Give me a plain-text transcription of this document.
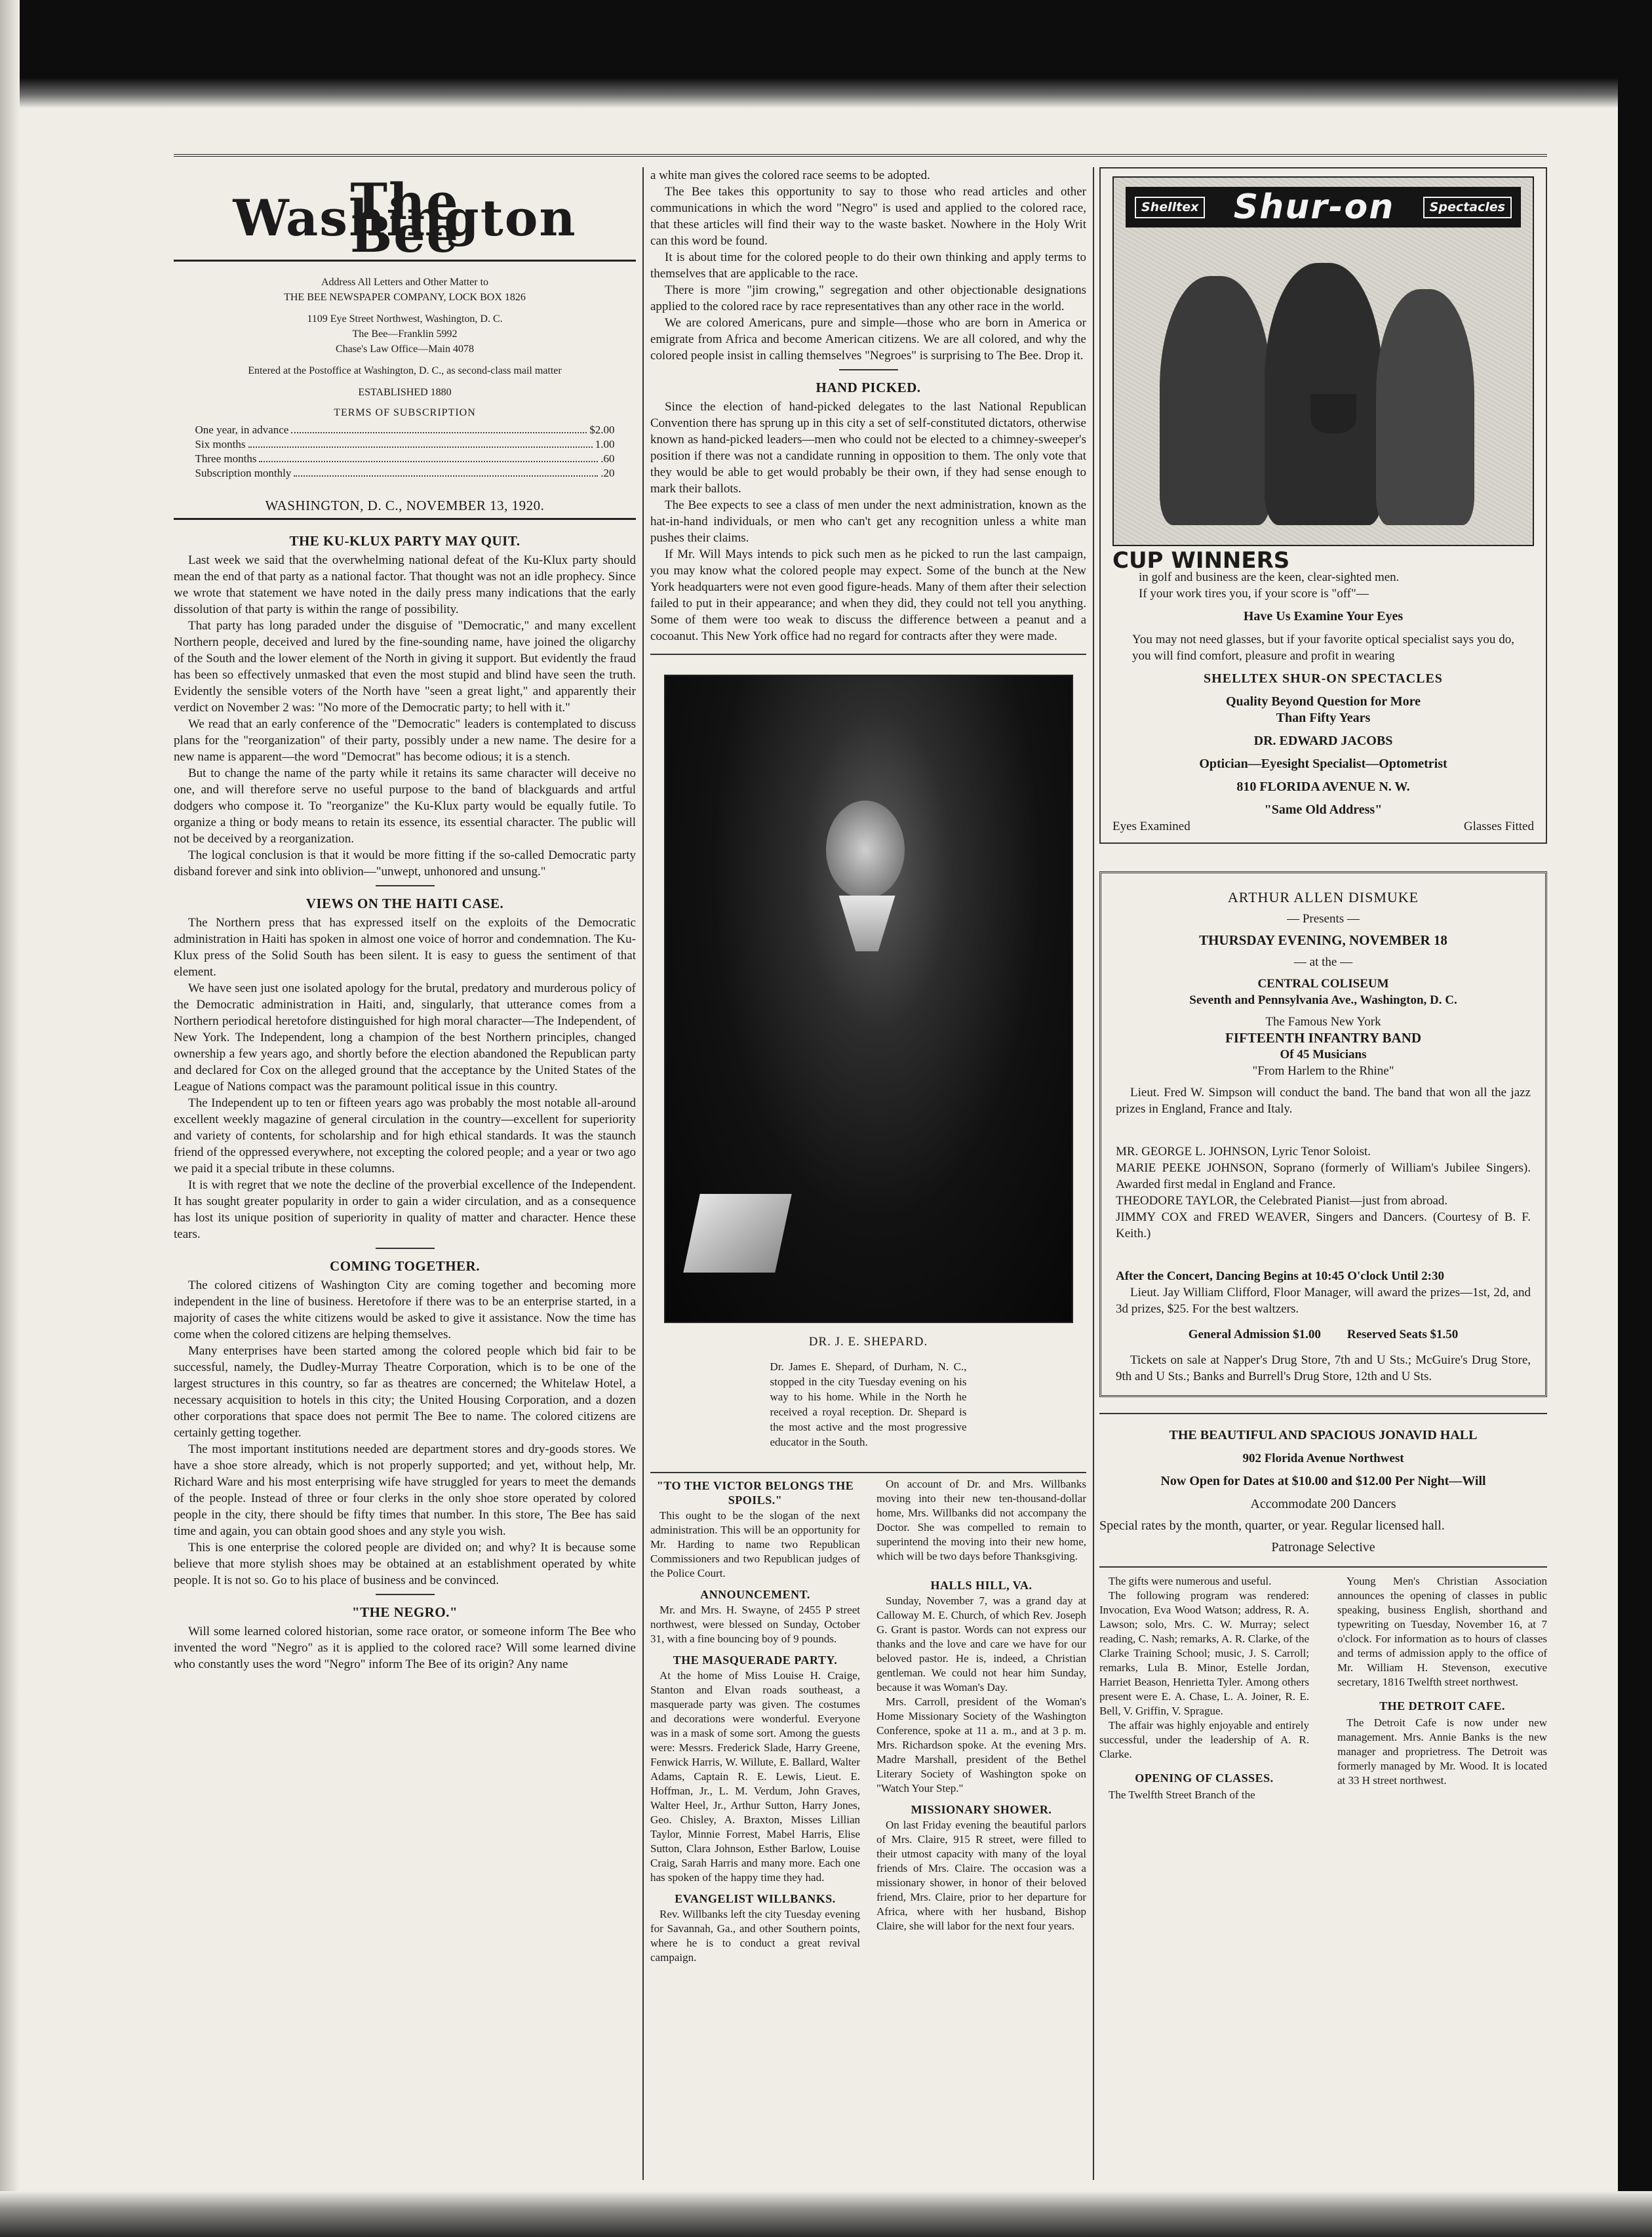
The Washington Bee

Address All Letters and Other Matter to

THE BEE NEWSPAPER COMPANY, LOCK BOX 1826

1109 Eye Street Northwest, Washington, D. C.

The Bee—Franklin 5992

Chase's Law Office—Main 4078

Entered at the Postoffice at Washington, D. C., as second-class mail matter

ESTABLISHED 1880

TERMS OF SUBSCRIPTION

One year, in advance	$2.00
Six months	1.00
Three months	.60
Subscription monthly	.20
WASHINGTON, D. C., NOVEMBER 13, 1920.
THE KU-KLUX PARTY MAY QUIT.

Last week we said that the overwhelming national defeat of the Ku-Klux party should mean the end of that party as a national factor. That thought was not an idle prophecy. Since we wrote that statement we have noted in the daily press many indications that the early dissolution of that party is within the range of possibility.

That party has long paraded under the disguise of "Democratic," and many excellent Northern people, deceived and lured by the fine-sounding name, have joined the oligarchy of the South and the lower element of the North in giving it support. But evidently the fraud has been so effectively unmasked that even the most stupid and blind have seen the truth. Evidently the sensible voters of the North have "seen a great light," and apparently their verdict on November 2 was: "No more of the Democratic party; to hell with it."

We read that an early conference of the "Democratic" leaders is contemplated to discuss plans for the "reorganization" of their party, possibly under a new name. The desire for a new name is apparent—the word "Democrat" has become odious; it is a stench.

But to change the name of the party while it retains its same character will deceive no one, and will therefore serve no useful purpose to the band of blackguards and artful dodgers who compose it. To "reorganize" the Ku-Klux party would be equally futile. To organize a thing or body means to retain its essence, its essential character. The public will not be deceived by a reorganization.

The logical conclusion is that it would be more fitting if the so-called Democratic party disband forever and sink into oblivion—"unwept, unhonored and unsung."

VIEWS ON THE HAITI CASE.

The Northern press that has expressed itself on the exploits of the Democratic administration in Haiti has spoken in almost one voice of horror and condemnation. The Ku-Klux press of the Solid South has been silent. It is easy to guess the sentiment of that element.

We have seen just one isolated apology for the brutal, predatory and murderous policy of the Democratic administration in Haiti, and, singularly, that utterance comes from a Northern periodical heretofore distinguished for high moral character—The Independent, of New York. The Independent, long a champion of the best Northern principles, changed ownership a few years ago, and shortly before the election abandoned the Republican party and declared for Cox on the alleged ground that the acceptance by the United States of the League of Nations compact was the paramount political issue in this country.

The Independent up to ten or fifteen years ago was probably the most notable all-around excellent weekly magazine of general circulation in the country—excellent for superiority and variety of contents, for scholarship and for high ethical standards. It was the staunch friend of the oppressed everywhere, not excepting the colored people; and a year or two ago we paid it a special tribute in these columns.

It is with regret that we note the decline of the proverbial excellence of the Independent. It has sought greater popularity in order to gain a wider circulation, and as a consequence has lost its unique position of superiority in quality of matter and character. Hence these tears.

COMING TOGETHER.

The colored citizens of Washington City are coming together and becoming more independent in the line of business. Heretofore if there was to be an enterprise started, in a majority of cases the white citizens would be asked to give it assistance. Now the time has come when the colored citizens are helping themselves.

Many enterprises have been started among the colored people which bid fair to be successful, namely, the Dudley-Murray Theatre Corporation, which is to be one of the largest structures in this country, so far as theatres are concerned; the Whitelaw Hotel, a necessary acquisition to hotels in this city; the United Housing Corporation, and a dozen other corporations that space does not permit The Bee to name. The colored citizens are certainly getting together.

The most important institutions needed are department stores and dry-goods stores. We have a shoe store already, which is not properly supported; and yet, without help, Mr. Richard Ware and his most enterprising wife have struggled for years to meet the demands of the people. Instead of three or four clerks in the only shoe store operated by colored people in the city, there should be fifty times that number. In this store, The Bee has said time and again, you can obtain good shoes and any style you wish.

This is one enterprise the colored people are divided on; and why? It is because some believe that more stylish shoes may be obtained at an establishment operated by white people. It is not so. Go to his place of business and be convinced.

"THE NEGRO."

Will some learned colored historian, some race orator, or someone inform The Bee who invented the word "Negro" as it is applied to the colored race? Will some learned divine who constantly uses the word "Negro" inform The Bee of its origin? Any name

a white man gives the colored race seems to be adopted.

The Bee takes this opportunity to say to those who read articles and other communications in which the word "Negro" is used and applied to the colored race, that these articles will find their way to the waste basket. Nowhere in the Holy Writ can this word be found.

It is about time for the colored people to do their own thinking and apply terms to themselves that are applicable to the race.

There is more "jim crowing," segregation and other objectionable designations applied to the colored race by race representatives than any other race in the world.

We are colored Americans, pure and simple—those who are born in America or emigrate from Africa and become American citizens. We are all colored, and why the colored people insist in calling themselves "Negroes" is surprising to The Bee. Drop it.

HAND PICKED.

Since the election of hand-picked delegates to the last National Republican Convention there has sprung up in this city a set of self-constituted dictators, otherwise known as hand-picked leaders—men who could not be elected to a chimney-sweeper's position if there was not a candidate running in opposition to them. The only vote that they would be able to get would probably be their own, if they had sense enough to mark their ballots.

The Bee expects to see a class of men under the next administration, known as the hat-in-hand individuals, or men who can't get any recognition unless a white man pushes their claims.

If Mr. Will Mays intends to pick such men as he picked to run the last campaign, you may know what the colored people may expect. Some of the bunch at the New York headquarters were not even good figure-heads. Many of them after their selection failed to put in their appearance; and when they did, they could not tell you anything. Some of them were too weak to discuss the difference between a peanut and a cocoanut. This New York office had no regard for contracts after they were made.

DR. J. E. SHEPARD.
Dr. James E. Shepard, of Durham, N. C., stopped in the city Tuesday evening on his way to his home. While in the North he received a royal reception. Dr. Shepard is the most active and the most progressive educator in the South.
"TO THE VICTOR BELONGS THE SPOILS."

This ought to be the slogan of the next administration. This will be an opportunity for Mr. Harding to name two Republican Commissioners and two Republican judges of the Police Court.

ANNOUNCEMENT.

Mr. and Mrs. H. Swayne, of 2455 P street northwest, were blessed on Sunday, October 31, with a fine bouncing boy of 9 pounds.

THE MASQUERADE PARTY.

At the home of Miss Louise H. Craige, Stanton and Elvan roads southeast, a masquerade party was given. The costumes and decorations were wonderful. Everyone was in a mask of some sort. Among the guests were: Messrs. Frederick Slade, Harry Greene, Fenwick Harris, W. Willute, E. Ballard, Walter Adams, Captain R. E. Lewis, Lieut. E. Hoffman, Jr., L. M. Verdum, John Graves, Walter Heel, Jr., Arthur Sutton, Harry Jones, Geo. Chisley, A. Braxton, Misses Lillian Taylor, Minnie Forrest, Mabel Harris, Elise Sutton, Clara Johnson, Esther Barlow, Louise Craig, Sarah Harris and many more. Each one has spoken of the happy time they had.

EVANGELIST WILLBANKS.

Rev. Willbanks left the city Tuesday evening for Savannah, Ga., and other Southern points, where he is to conduct a great revival campaign.

On account of Dr. and Mrs. Willbanks moving into their new ten-thousand-dollar home, Mrs. Willbanks did not accompany the Doctor. She was compelled to remain to superintend the moving into their new home, which will be two days before Thanksgiving.

HALLS HILL, VA.

Sunday, November 7, was a grand day at Calloway M. E. Church, of which Rev. Joseph G. Grant is pastor. Words can not express our thanks and the love and care we have for our beloved pastor. He is, indeed, a Christian gentleman. We could not hear him Sunday, because it was Woman's Day.

Mrs. Carroll, president of the Woman's Home Missionary Society of the Washington Conference, spoke at 11 a. m., and at 3 p. m. Mrs. Richardson spoke. At the evening Mrs. Madre Marshall, president of the Bethel Literary Society of Washington spoke on "Watch Your Step."

MISSIONARY SHOWER.

On last Friday evening the beautiful parlors of Mrs. Claire, 915 R street, were filled to their utmost capacity with many of the loyal friends of Mrs. Claire. The occasion was a missionary shower, in honor of their beloved friend, Mrs. Claire, prior to her departure for Africa, where with her husband, Bishop Claire, she will labor for the next four years.

Shelltex Shur-on	Spectacles
CUP WINNERS

in golf and business are the keen, clear-sighted men.

If your work tires you, if your score is "off"—

Have Us Examine Your Eyes

You may not need glasses, but if your favorite optical specialist says you do, you will find comfort, pleasure and profit in wearing

SHELLTEX SHUR-ON SPECTACLES
Quality Beyond Question for More
Than Fifty Years
DR. EDWARD JACOBS
Optician—Eyesight Specialist—Optometrist
810 FLORIDA AVENUE N. W.
"Same Old Address"
Eyes Examined	Glasses Fitted
ARTHUR ALLEN DISMUKE
— Presents —
THURSDAY EVENING, NOVEMBER 18
— at the —
CENTRAL COLISEUM
Seventh and Pennsylvania Ave., Washington, D. C.
The Famous New York
FIFTEENTH INFANTRY BAND
Of 45 Musicians
"From Harlem to the Rhine"

Lieut. Fred W. Simpson will conduct the band. The band that won all the jazz prizes in England, France and Italy.

MR. GEORGE L. JOHNSON, Lyric Tenor Soloist.

MARIE PEEKE JOHNSON, Soprano (formerly of William's Jubilee Singers). Awarded first medal in England and France.

THEODORE TAYLOR, the Celebrated Pianist—just from abroad.

JIMMY COX and FRED WEAVER, Singers and Dancers. (Courtesy of B. F. Keith.)

After the Concert, Dancing Begins at 10:45 O'clock Until 2:30

Lieut. Jay William Clifford, Floor Manager, will award the prizes—1st, 2d, and 3d prizes, $25. For the best waltzers.

General Admission $1.00 Reserved Seats $1.50

Tickets on sale at Napper's Drug Store, 7th and U Sts.; McGuire's Drug Store, 9th and U Sts.; Banks and Burrell's Drug Store, 12th and U Sts.

THE BEAUTIFUL AND SPACIOUS JONAVID HALL
902 Florida Avenue Northwest
Now Open for Dates at $10.00 and $12.00 Per Night—Will
Accommodate 200 Dancers

Special rates by the month, quarter, or year. Regular licensed hall.

Patronage Selective

The gifts were numerous and useful.

The following program was rendered: Invocation, Eva Wood Watson; address, R. A. Lawson; solo, Mrs. C. W. Murray; select reading, C. Nash; remarks, A. R. Clarke, of the Clarke Training School; music, J. S. Carroll; remarks, Lula B. Minor, Estelle Jordan, Harriet Beason, Henrietta Tyler. Among others present were E. A. Chase, L. A. Joiner, R. E. Bell, V. Griffin, V. Sprague.

The affair was highly enjoyable and entirely successful, under the leadership of A. R. Clarke.

OPENING OF CLASSES.

The Twelfth Street Branch of the

Young Men's Christian Association announces the opening of classes in public speaking, business English, shorthand and typewriting on Tuesday, November 16, at 7 o'clock. For information as to hours of classes and terms of admission apply to the office of Mr. William H. Stevenson, executive secretary, 1816 Twelfth street northwest.

THE DETROIT CAFE.

The Detroit Cafe is now under new management. Mrs. Annie Banks is the new manager and proprietress. The Detroit was formerly managed by Mr. Wood. It is located at 33 H street northwest.
